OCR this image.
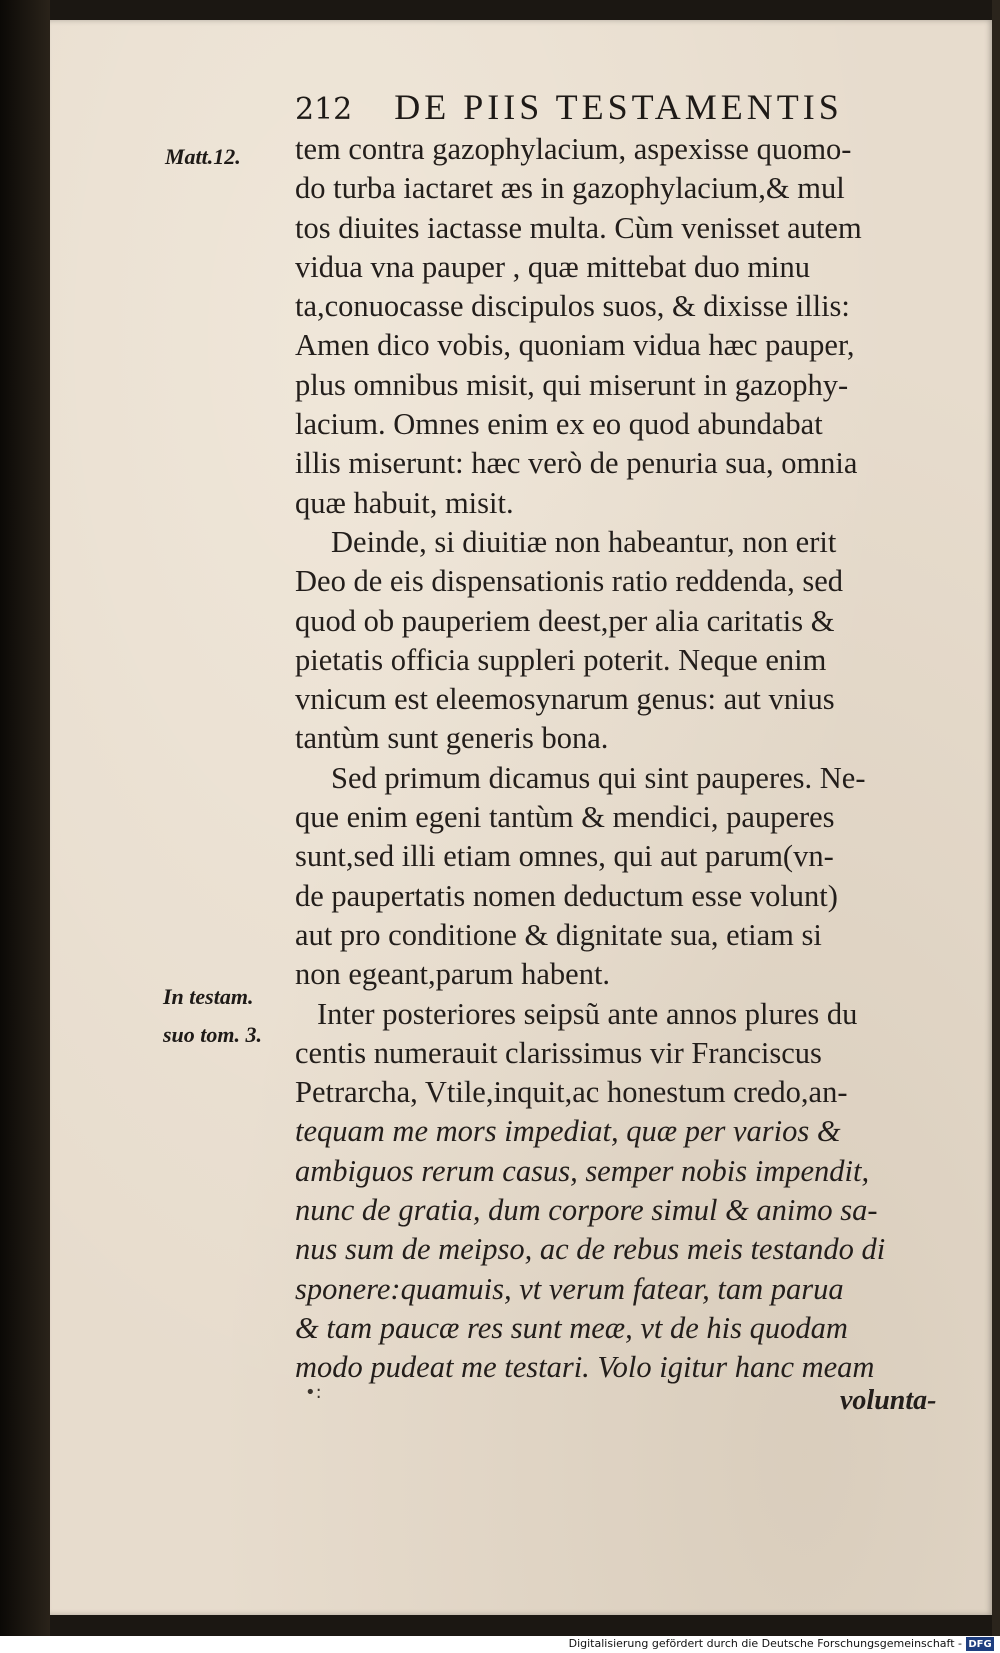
212 DE PIIS TESTAMENTIS
Matt.12.
In testam.
suo tom. 3.
tem contra gazophylacium, aspexisse quomo-
do turba iactaret æs in gazophylacium,& mul
tos diuites iactasse multa. Cùm venisset autem
vidua vna pauper , quæ mittebat duo minu
ta,conuocasse discipulos suos, & dixisse illis:
Amen dico vobis, quoniam vidua hæc pauper,
plus omnibus misit, qui miserunt in gazophy-
lacium. Omnes enim ex eo quod abundabat
illis miserunt: hæc verò de penuria sua, omnia
quæ habuit, misit.
Deinde, si diuitiæ non habeantur, non erit
Deo de eis dispensationis ratio reddenda, sed
quod ob pauperiem deest,per alia caritatis &
pietatis officia suppleri poterit. Neque enim
vnicum est eleemosynarum genus: aut vnius
tantùm sunt generis bona.
Sed primum dicamus qui sint pauperes. Ne-
que enim egeni tantùm & mendici, pauperes
sunt,sed illi etiam omnes, qui aut parum(vn-
de paupertatis nomen deductum esse volunt)
aut pro conditione & dignitate sua, etiam si
non egeant,parum habent.
Inter posteriores seipsũ ante annos plures du
centis numerauit clarissimus vir Franciscus
Petrarcha, Vtile,inquit,ac honestum credo,an-
tequam me mors impediat, quæ per varios &
ambiguos rerum casus, semper nobis impendit,
nunc de gratia, dum corpore simul & animo sa-
nus sum de meipso, ac de rebus meis testando di
sponere:quamuis, vt verum fatear, tam parua
& tam paucæ res sunt meæ, vt de his quodam
modo pudeat me testari. Volo igitur hanc meam
•:	volunta-
Digitalisierung gefördert durch die Deutsche Forschungsgemeinschaft - DFG
